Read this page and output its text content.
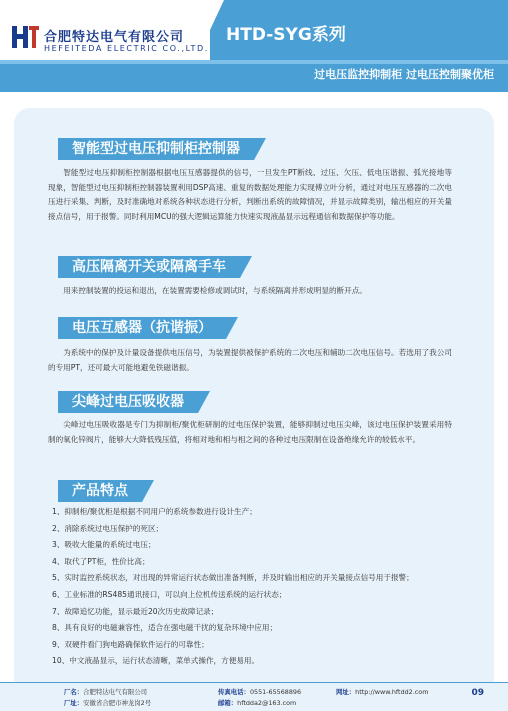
合肥特达电气有限公司
HEFEITEDA ELECTRIC CO.,LTD.
HTD-SYG系列
过电压监控抑制柜 过电压控制聚优柜
智能型过电压抑制柜控制器

智能型过电压抑制柜控制器根据电压互感器提供的信号，一旦发生PT断线、过压、欠压、低电压谐振、弧光接地等现象，智能型过电压抑制柜控制器装置利用DSP高速、重复的数据处理能力实现傅立叶分析，通过对电压互感器的二次电压进行采集、判断，及时准确地对系统各种状态进行分析，判断出系统的故障情况，并显示故障类别，输出相应的开关量接点信号，用于报警。同时利用MCU的强大逻辑运算能力快速实现液晶显示远程通信和数据保护等功能。

高压隔离开关或隔离手车

用来控制装置的投运和退出，在装置需要检修或调试时，与系统隔离并形成明显的断开点。

电压互感器（抗谐振）

为系统中的保护及计量设备提供电压信号，为装置提供被保护系统的二次电压和辅助二次电压信号。若选用了我公司的专用PT，还可最大可能地避免铁磁谐振。

尖峰过电压吸收器

尖峰过电压吸收器是专门为抑制柜/聚优柜研制的过电压保护装置，能够抑制过电压尖峰，该过电压保护装置采用特制的氧化锌阀片，能够大大降低残压值，将相对地和相与相之间的各种过电压限制在设备绝缘允许的较低水平。

产品特点
1、抑制柜/聚优柜是根据不同用户的系统参数进行设计生产；
2、消除系统过电压保护的死区；
3、吸收大能量的系统过电压；
4、取代了PT柜，性价比高；
5、实时监控系统状态，对出现的异常运行状态做出准备判断，并及时输出相应的开关量接点信号用于报警；
6、工业标准的RS485通讯接口，可以向上位机传送系统的运行状态；
7、故障追忆功能，显示最近20次历史故障记录；
8、具有良好的电磁兼容性，适合在强电磁干扰的复杂环境中应用；
9、双硬件看门狗电路确保软件运行的可靠性；
10、中文液晶显示，运行状态清晰，菜单式操作，方便易用。
厂名：合肥特达电气有限公司
厂址：安徽省合肥市神龙岗2号
传真电话：0551-65568896
邮箱：hftdda2@163.com
网址：http://www.hftdd2.com	09
